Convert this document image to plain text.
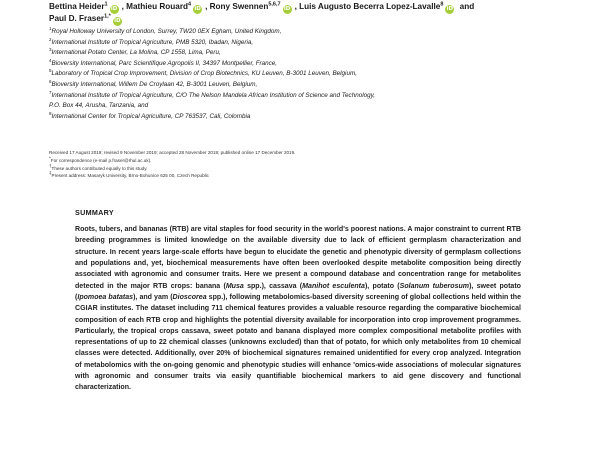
Bettina Heider$^1$iD , Mathieu Rouard$^4$iD , Rony Swennen$^{5,6,7}$iD , Luis Augusto Becerra Lopez-Lavalle$^8$iD and
Paul D. Fraser$^{1,*}$iD
$^1$Royal Holloway University of London, Surrey, TW20 0EX Egham, United Kingdom,
$^2$International Institute of Tropical Agriculture, PMB 5320, Ibadan, Nigeria,
$^3$International Potato Center, La Molina, CP 1558, Lima, Peru,
$^4$Bioversity International, Parc Scientifique Agropolis II, 34397 Montpellier, France,
$^5$Laboratory of Tropical Crop Improvement, Division of Crop Biotechnics, KU Leuven, B-3001 Leuven, Belgium,
$^6$Bioversity International, Willem De Croylaan 42, B-3001 Leuven, Belgium,
$^7$International Institute of Tropical Agriculture, C/O The Nelson Mandela African Institution of Science and Technology,
P.O. Box 44, Arusha, Tanzania, and
$^8$International Center for Tropical Agriculture, CP 763537, Cali, Colombia
Received 17 August 2019; revised 9 November 2019; accepted 28 November 2019; published online 17 December 2019.
*For correspondence (e-mail p.fraser@rhul.ac.uk).
†These authors contributed equally to this study.
‡Present address: Masaryk University, Brno-Bohunice 625 00, Czech Republic
SUMMARY
Roots, tubers, and bananas (RTB) are vital staples for food security in the world's poorest nations. A major constraint to current RTB breeding programmes is limited knowledge on the available diversity due to lack of efficient germplasm characterization and structure. In recent years large-scale efforts have begun to elucidate the genetic and phenotypic diversity of germplasm collections and populations and, yet, biochemical measurements have often been overlooked despite metabolite composition being directly associated with agronomic and consumer traits. Here we present a compound database and concentration range for metabolites detected in the major RTB crops: banana (Musa spp.), cassava (Manihot esculenta), potato (Solanum tuberosum), sweet potato (Ipomoea batatas), and yam (Dioscorea spp.), following metabolomics-based diversity screening of global collections held within the CGIAR institutes. The dataset including 711 chemical features provides a valuable resource regarding the comparative biochemical composition of each RTB crop and highlights the potential diversity available for incorporation into crop improvement programmes. Particularly, the tropical crops cassava, sweet potato and banana displayed more complex compositional metabolite profiles with representations of up to 22 chemical classes (unknowns excluded) than that of potato, for which only metabolites from 10 chemical classes were detected. Additionally, over 20% of biochemical signatures remained unidentified for every crop analyzed. Integration of metabolomics with the on-going genomic and phenotypic studies will enhance 'omics-wide associations of molecular signatures with agronomic and consumer traits via easily quantifiable biochemical markers to aid gene discovery and functional characterization.
